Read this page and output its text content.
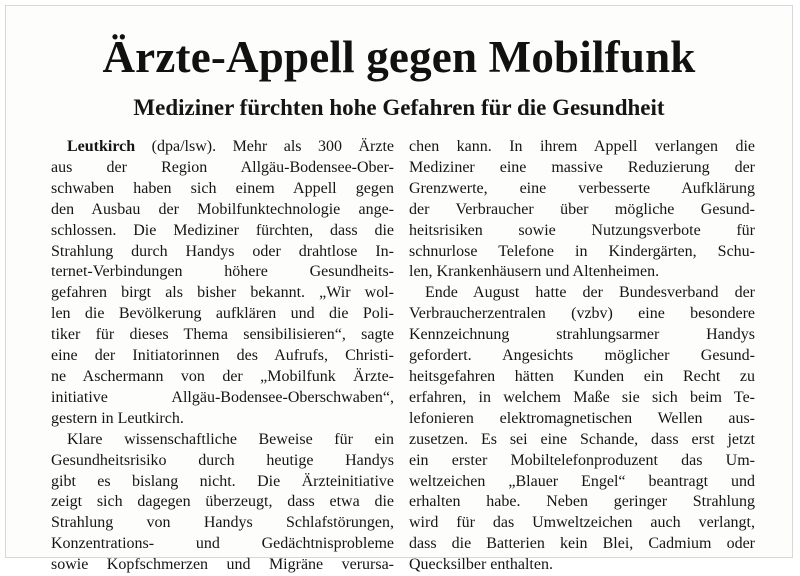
Ärzte-Appell gegen Mobilfunk
Mediziner fürchten hohe Gefahren für die Gesundheit
Leutkirch (dpa/lsw). Mehr als 300 Ärzte
aus der Region Allgäu-Bodensee-Ober-
schwaben haben sich einem Appell gegen
den Ausbau der Mobilfunktechnologie ange-
schlossen. Die Mediziner fürchten, dass die
Strahlung durch Handys oder drahtlose In-
ternet-Verbindungen höhere Gesundheits-
gefahren birgt als bisher bekannt. „Wir wol-
len die Bevölkerung aufklären und die Poli-
tiker für dieses Thema sensibilisieren“, sagte
eine der Initiatorinnen des Aufrufs, Christi-
ne Aschermann von der „Mobilfunk Ärzte-
initiative Allgäu-Bodensee-Oberschwaben“,
gestern in Leutkirch.
Klare wissenschaftliche Beweise für ein
Gesundheitsrisiko durch heutige Handys
gibt es bislang nicht. Die Ärzteinitiative
zeigt sich dagegen überzeugt, dass etwa die
Strahlung von Handys Schlafstörungen,
Konzentrations- und Gedächtnisprobleme
sowie Kopfschmerzen und Migräne verursa-
chen kann. In ihrem Appell verlangen die
Mediziner eine massive Reduzierung der
Grenzwerte, eine verbesserte Aufklärung
der Verbraucher über mögliche Gesund-
heitsrisiken sowie Nutzungsverbote für
schnurlose Telefone in Kindergärten, Schu-
len, Krankenhäusern und Altenheimen.
Ende August hatte der Bundesverband der
Verbraucherzentralen (vzbv) eine besondere
Kennzeichnung strahlungsarmer Handys
gefordert. Angesichts möglicher Gesund-
heitsgefahren hätten Kunden ein Recht zu
erfahren, in welchem Maße sie sich beim Te-
lefonieren elektromagnetischen Wellen aus-
zusetzen. Es sei eine Schande, dass erst jetzt
ein erster Mobiltelefonproduzent das Um-
weltzeichen „Blauer Engel“ beantragt und
erhalten habe. Neben geringer Strahlung
wird für das Umweltzeichen auch verlangt,
dass die Batterien kein Blei, Cadmium oder
Quecksilber enthalten.
